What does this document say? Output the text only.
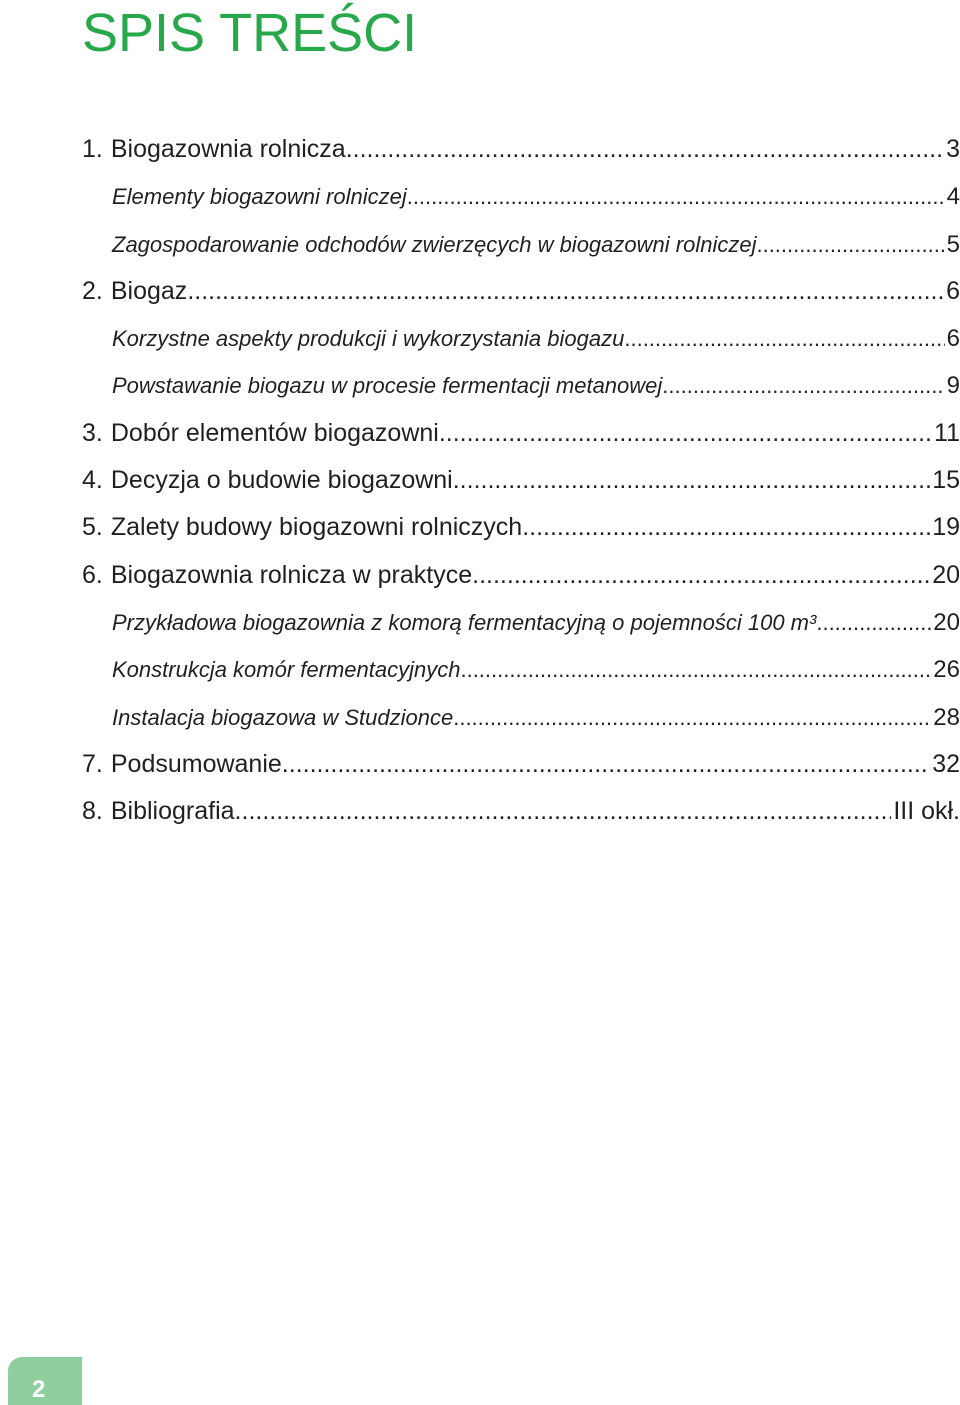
SPIS TREŚCI
1. Biogazownia rolnicza .....	3
Elementy biogazowni rolniczej .....	4
Zagospodarowanie odchodów zwierzęcych w biogazowni rolniczej .....	5
2. Biogaz .....	6
Korzystne aspekty produkcji i wykorzystania biogazu .....	6
Powstawanie biogazu w procesie fermentacji metanowej .....	9
3. Dobór elementów biogazowni .....	11
4. Decyzja o budowie biogazowni .....	15
5. Zalety budowy biogazowni rolniczych .....	19
6. Biogazownia rolnicza w praktyce .....	20
Przykładowa biogazownia z komorą fermentacyjną o pojemności 100 m³ .....	20
Konstrukcja komór fermentacyjnych .....	26
Instalacja biogazowa w Studzionce .....	28
7. Podsumowanie .....	32
8. Bibliografia .....	III okł.
2
